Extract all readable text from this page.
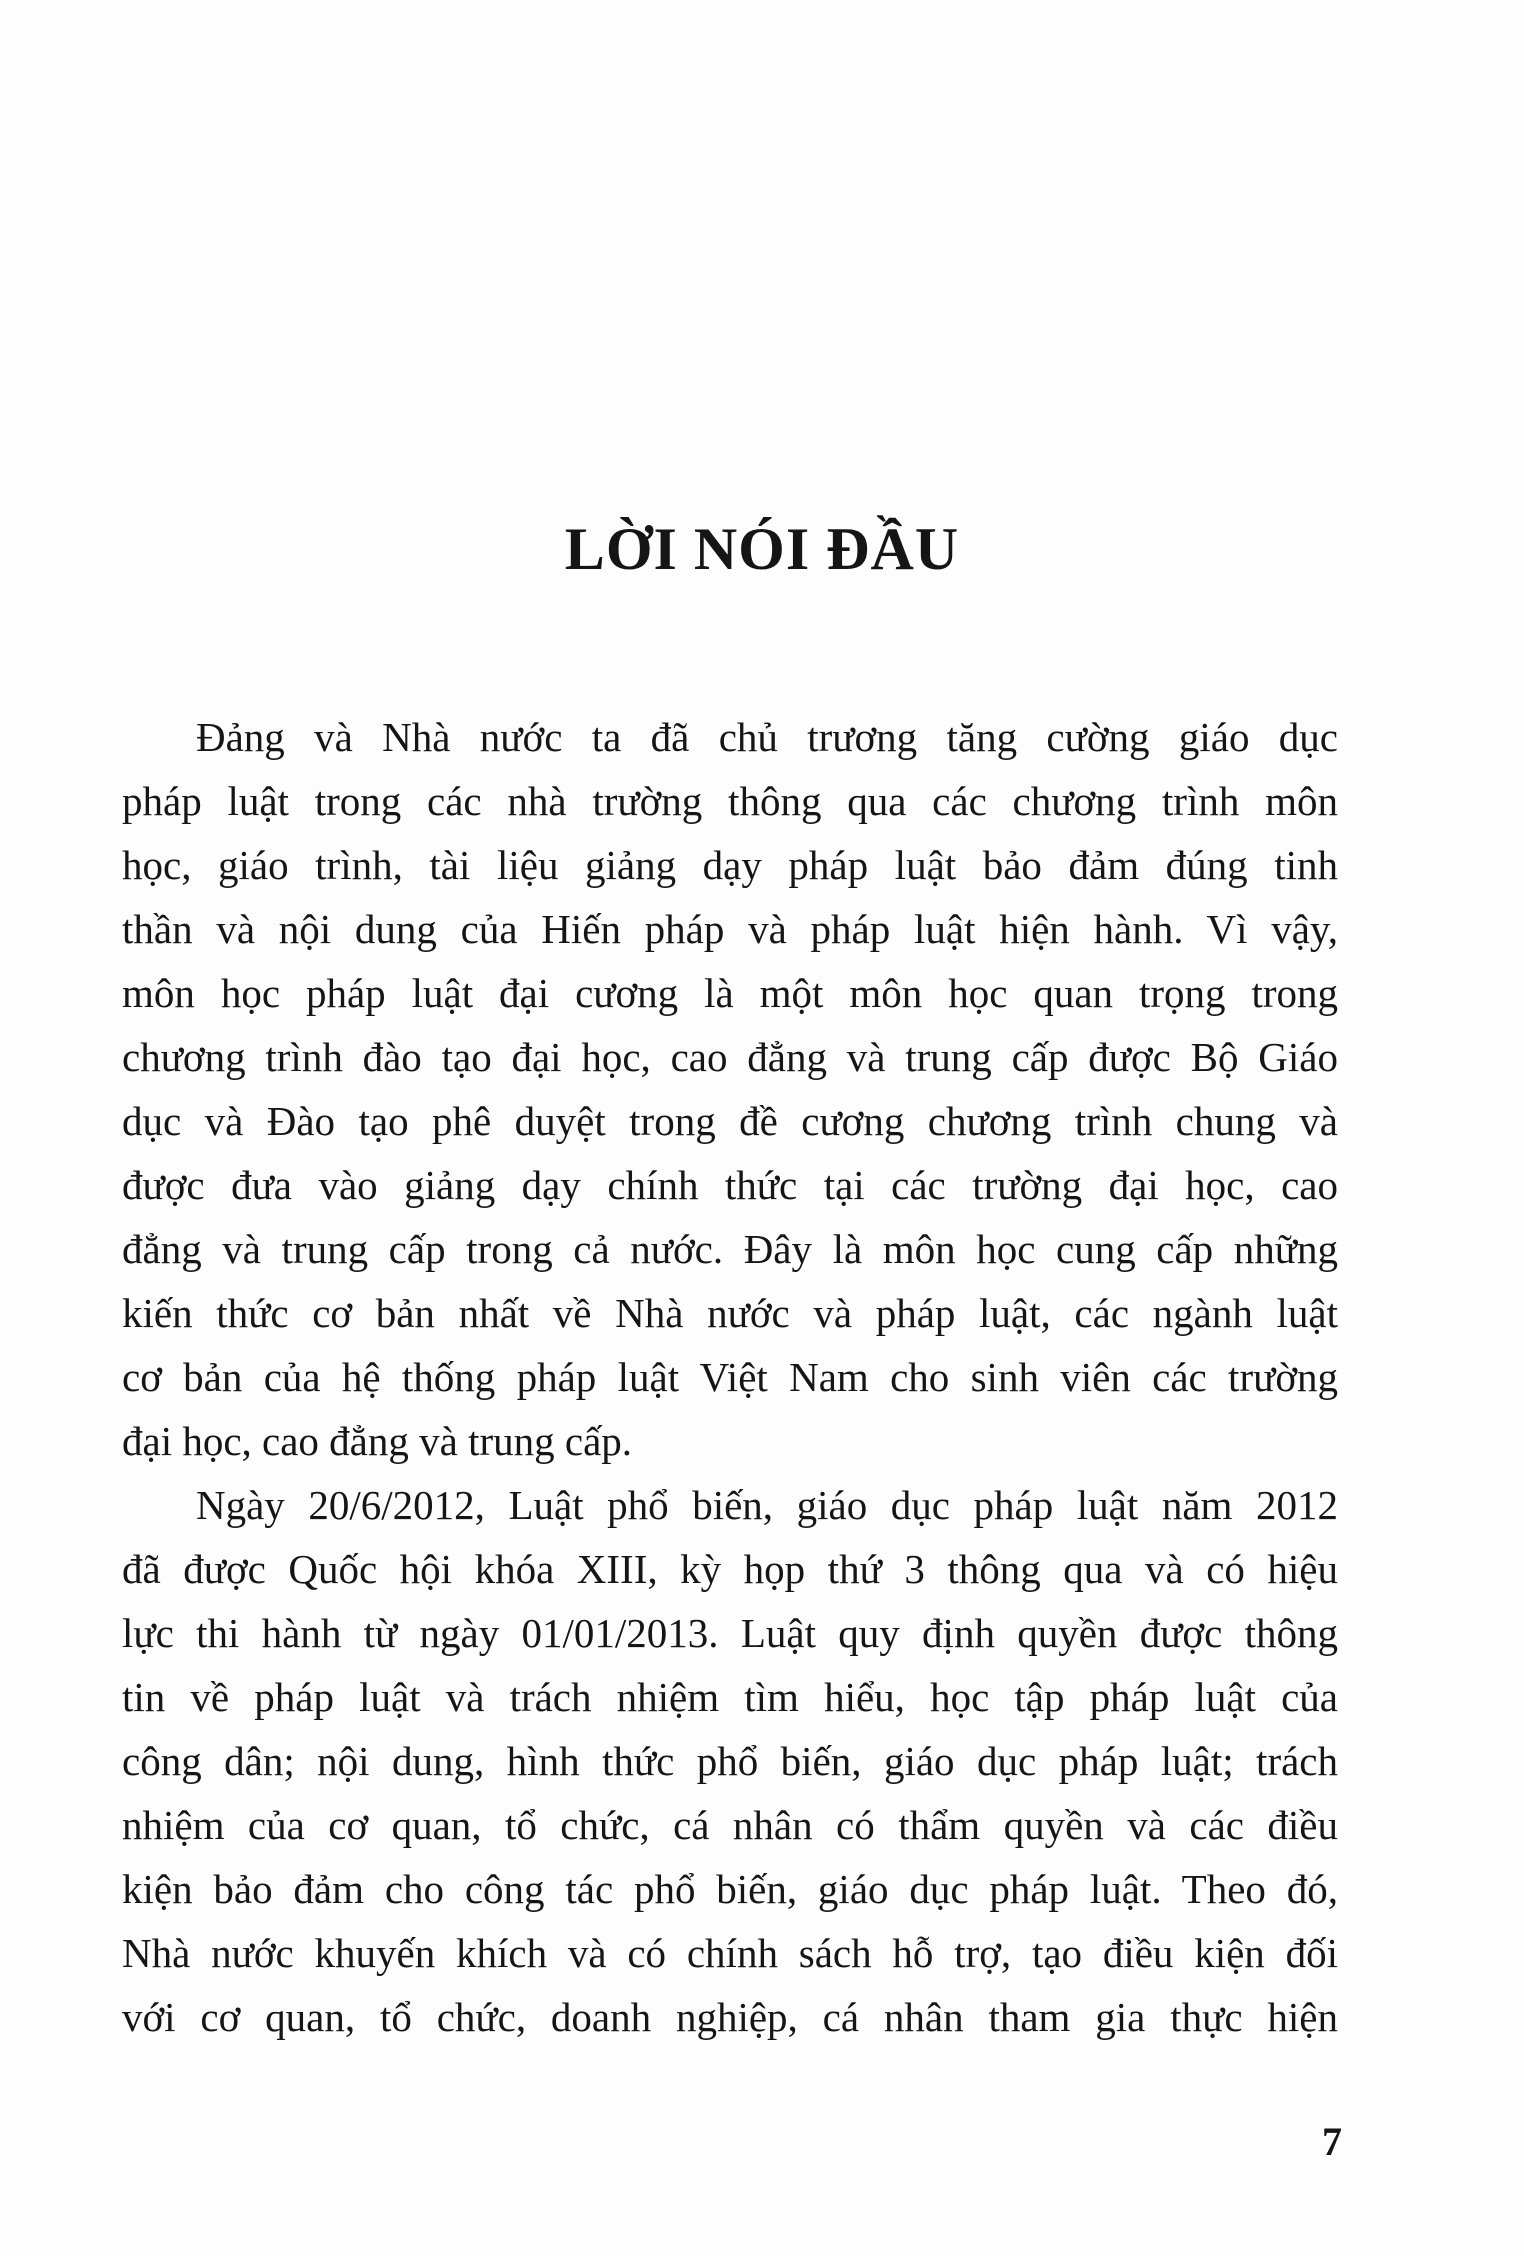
LỜI NÓI ĐẦU
Đảng và Nhà nước ta đã chủ trương tăng cường giáo dục
pháp luật trong các nhà trường thông qua các chương trình môn
học, giáo trình, tài liệu giảng dạy pháp luật bảo đảm đúng tinh
thần và nội dung của Hiến pháp và pháp luật hiện hành. Vì vậy,
môn học pháp luật đại cương là một môn học quan trọng trong
chương trình đào tạo đại học, cao đẳng và trung cấp được Bộ Giáo
dục và Đào tạo phê duyệt trong đề cương chương trình chung và
được đưa vào giảng dạy chính thức tại các trường đại học, cao
đẳng và trung cấp trong cả nước. Đây là môn học cung cấp những
kiến thức cơ bản nhất về Nhà nước và pháp luật, các ngành luật
cơ bản của hệ thống pháp luật Việt Nam cho sinh viên các trường
đại học, cao đẳng và trung cấp.
Ngày 20/6/2012, Luật phổ biến, giáo dục pháp luật năm 2012
đã được Quốc hội khóa XIII, kỳ họp thứ 3 thông qua và có hiệu
lực thi hành từ ngày 01/01/2013. Luật quy định quyền được thông
tin về pháp luật và trách nhiệm tìm hiểu, học tập pháp luật của
công dân; nội dung, hình thức phổ biến, giáo dục pháp luật; trách
nhiệm của cơ quan, tổ chức, cá nhân có thẩm quyền và các điều
kiện bảo đảm cho công tác phổ biến, giáo dục pháp luật. Theo đó,
Nhà nước khuyến khích và có chính sách hỗ trợ, tạo điều kiện đối
với cơ quan, tổ chức, doanh nghiệp, cá nhân tham gia thực hiện
7
